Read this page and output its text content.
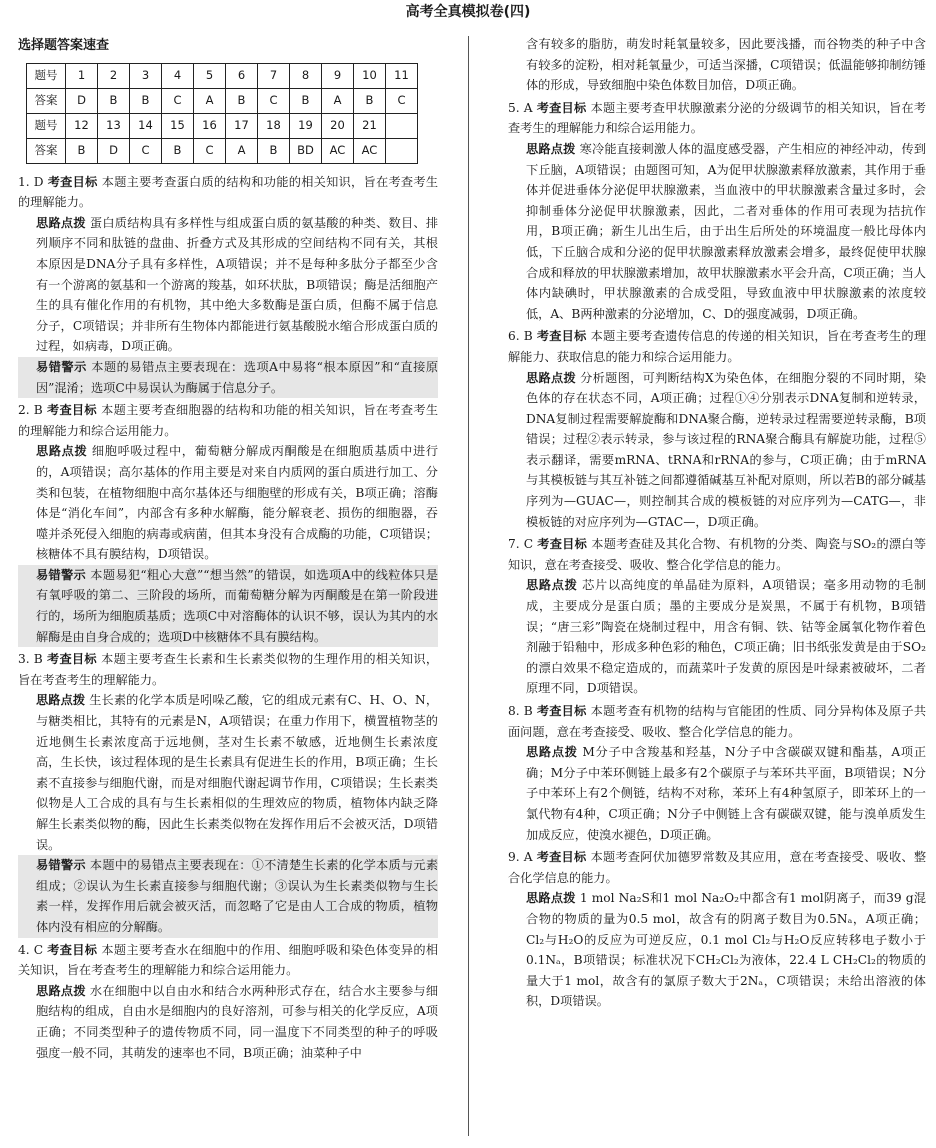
高考全真模拟卷(四)
选择题答案速查
题号	1	2	3	4	5	6	7	8	9	10	11
答案	D	B	B	C	A	B	C	B	A	B	C
题号	12	13	14	15	16	17	18	19	20	21	
答案	B	D	C	B	C	A	B	BD	AC	AC	

1. D 考查目标 本题主要考查蛋白质的结构和功能的相关知识，旨在考查考生的理解能力。

思路点拨 蛋白质结构具有多样性与组成蛋白质的氨基酸的种类、数目、排列顺序不同和肽链的盘曲、折叠方式及其形成的空间结构不同有关，其根本原因是DNA分子具有多样性，A项错误；并不是每种多肽分子都至少含有一个游离的氨基和一个游离的羧基，如环状肽，B项错误；酶是活细胞产生的具有催化作用的有机物，其中绝大多数酶是蛋白质，但酶不属于信息分子，C项错误；并非所有生物体内都能进行氨基酸脱水缩合形成蛋白质的过程，如病毒，D项正确。

易错警示 本题的易错点主要表现在：选项A中易将“根本原因”和“直接原因”混淆；选项C中易误认为酶属于信息分子。

2. B 考查目标 本题主要考查细胞器的结构和功能的相关知识，旨在考查考生的理解能力和综合运用能力。

思路点拨 细胞呼吸过程中，葡萄糖分解成丙酮酸是在细胞质基质中进行的，A项错误；高尔基体的作用主要是对来自内质网的蛋白质进行加工、分类和包装，在植物细胞中高尔基体还与细胞壁的形成有关，B项正确；溶酶体是“消化车间”，内部含有多种水解酶，能分解衰老、损伤的细胞器，吞噬并杀死侵入细胞的病毒或病菌，但其本身没有合成酶的功能，C项错误；核糖体不具有膜结构，D项错误。

易错警示 本题易犯“粗心大意”“想当然”的错误，如选项A中的线粒体只是有氧呼吸的第二、三阶段的场所，而葡萄糖分解为丙酮酸是在第一阶段进行的，场所为细胞质基质；选项C中对溶酶体的认识不够，误认为其内的水解酶是由自身合成的；选项D中核糖体不具有膜结构。

3. B 考查目标 本题主要考查生长素和生长素类似物的生理作用的相关知识，旨在考查考生的理解能力。

思路点拨 生长素的化学本质是吲哚乙酸，它的组成元素有C、H、O、N，与糖类相比，其特有的元素是N，A项错误；在重力作用下，横置植物茎的近地侧生长素浓度高于远地侧，茎对生长素不敏感，近地侧生长素浓度高，生长快，该过程体现的是生长素具有促进生长的作用，B项正确；生长素不直接参与细胞代谢，而是对细胞代谢起调节作用，C项错误；生长素类似物是人工合成的具有与生长素相似的生理效应的物质，植物体内缺乏降解生长素类似物的酶，因此生长素类似物在发挥作用后不会被灭活，D项错误。

易错警示 本题中的易错点主要表现在：①不清楚生长素的化学本质与元素组成；②误认为生长素直接参与细胞代谢；③误认为生长素类似物与生长素一样，发挥作用后就会被灭活，而忽略了它是由人工合成的物质，植物体内没有相应的分解酶。

4. C 考查目标 本题主要考查水在细胞中的作用、细胞呼吸和染色体变异的相关知识，旨在考查考生的理解能力和综合运用能力。

思路点拨 水在细胞中以自由水和结合水两种形式存在，结合水主要参与细胞结构的组成，自由水是细胞内的良好溶剂，可参与相关的化学反应，A项正确；不同类型种子的遗传物质不同，同一温度下不同类型的种子的呼吸强度一般不同，其萌发的速率也不同，B项正确；油菜种子中

含有较多的脂肪，萌发时耗氧量较多，因此要浅播，而谷物类的种子中含有较多的淀粉，相对耗氧量少，可适当深播，C项错误；低温能够抑制纺锤体的形成，导致细胞中染色体数目加倍，D项正确。

5. A 考查目标 本题主要考查甲状腺激素分泌的分级调节的相关知识，旨在考查考生的理解能力和综合运用能力。

思路点拨 寒冷能直接刺激人体的温度感受器，产生相应的神经冲动，传到下丘脑，A项错误；由题图可知，A为促甲状腺激素释放激素，其作用于垂体并促进垂体分泌促甲状腺激素，当血液中的甲状腺激素含量过多时，会抑制垂体分泌促甲状腺激素，因此，二者对垂体的作用可表现为拮抗作用，B项正确；新生儿出生后，由于出生后所处的环境温度一般比母体内低，下丘脑合成和分泌的促甲状腺激素释放激素会增多，最终促使甲状腺合成和释放的甲状腺激素增加，故甲状腺激素水平会升高，C项正确；当人体内缺碘时，甲状腺激素的合成受阻，导致血液中甲状腺激素的浓度较低，A、B两种激素的分泌增加，C、D的强度减弱，D项正确。

6. B 考查目标 本题主要考查遗传信息的传递的相关知识，旨在考查考生的理解能力、获取信息的能力和综合运用能力。

思路点拨 分析题图，可判断结构X为染色体，在细胞分裂的不同时期，染色体的存在状态不同，A项正确；过程①④分别表示DNA复制和逆转录，DNA复制过程需要解旋酶和DNA聚合酶，逆转录过程需要逆转录酶，B项错误；过程②表示转录，参与该过程的RNA聚合酶具有解旋功能，过程⑤表示翻译，需要mRNA、tRNA和rRNA的参与，C项正确；由于mRNA与其模板链与其互补链之间都遵循碱基互补配对原则，所以若B的部分碱基序列为—GUAC—，则控制其合成的模板链的对应序列为—CATG—，非模板链的对应序列为—GTAC—，D项正确。

7. C 考查目标 本题考查硅及其化合物、有机物的分类、陶瓷与SO₂的漂白等知识，意在考查接受、吸收、整合化学信息的能力。

思路点拨 芯片以高纯度的单晶硅为原料，A项错误；毫多用动物的毛制成，主要成分是蛋白质；墨的主要成分是炭黑，不属于有机物，B项错误；“唐三彩”陶瓷在烧制过程中，用含有铜、铁、钴等金属氧化物作着色剂融于铅釉中，形成多种色彩的釉色，C项正确；旧书纸张发黄是由于SO₂的漂白效果不稳定造成的，而蔬菜叶子发黄的原因是叶绿素被破坏，二者原理不同，D项错误。

8. B 考查目标 本题考查有机物的结构与官能团的性质、同分异构体及原子共面问题，意在考查接受、吸收、整合化学信息的能力。

思路点拨 M分子中含羧基和羟基，N分子中含碳碳双键和酯基，A项正确；M分子中苯环侧链上最多有2个碳原子与苯环共平面，B项错误；N分子中苯环上有2个侧链，结构不对称，苯环上有4种氢原子，即苯环上的一氯代物有4种，C项正确；N分子中侧链上含有碳碳双键，能与溴单质发生加成反应，使溴水褪色，D项正确。

9. A 考查目标 本题考查阿伏加德罗常数及其应用，意在考查接受、吸收、整合化学信息的能力。

思路点拨 1 mol Na₂S和1 mol Na₂O₂中都含有1 mol阴离子，而39 g混合物的物质的量为0.5 mol，故含有的阴离子数目为0.5Nₐ，A项正确；Cl₂与H₂O的反应为可逆反应，0.1 mol Cl₂与H₂O反应转移电子数小于0.1Nₐ，B项错误；标准状况下CH₂Cl₂为液体，22.4 L CH₂Cl₂的物质的量大于1 mol，故含有的氯原子数大于2Nₐ，C项错误；未给出溶液的体积，D项错误。
